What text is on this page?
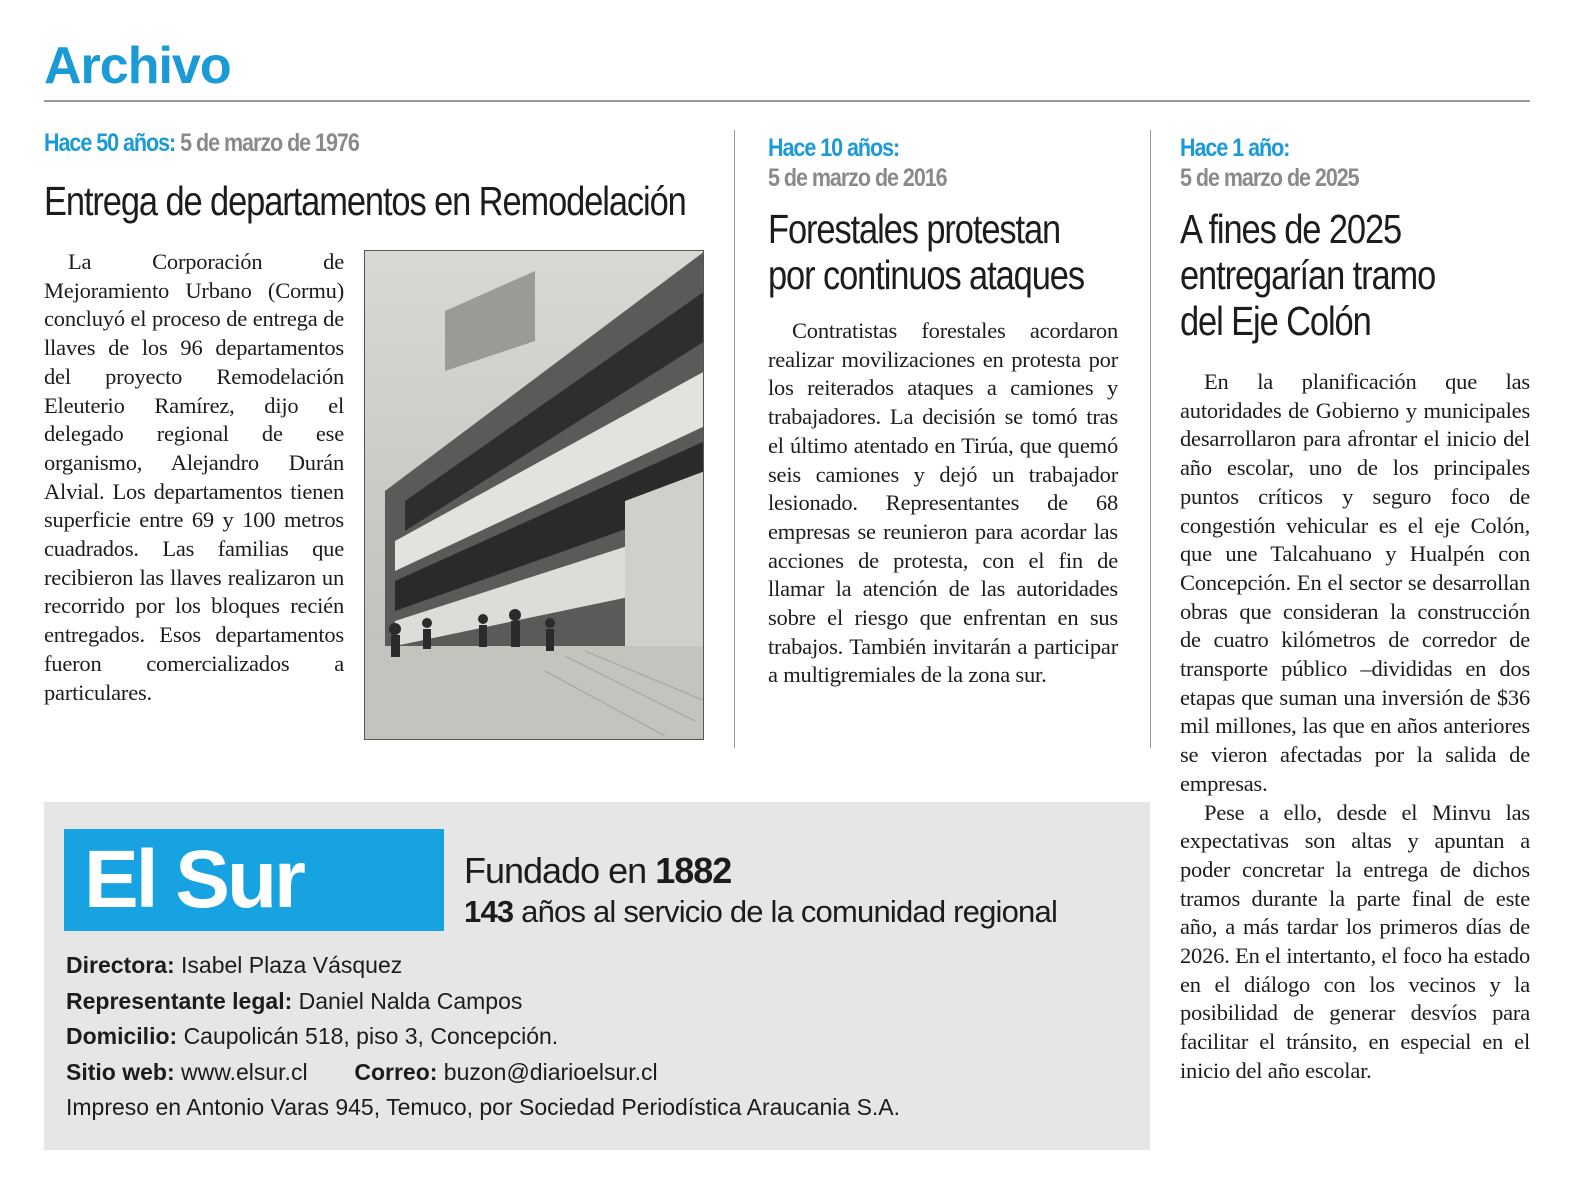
Archivo
Hace 50 años: 5 de marzo de 1976
Entrega de departamentos en Remodelación
La Corporación de Mejoramiento Urbano (Cormu) concluyó el proceso de entrega de llaves de los 96 departamentos del proyecto Remodelación Eleuterio Ramírez, dijo el delegado regional de ese organismo, Alejandro Durán Alvial. Los departamentos tienen superficie entre 69 y 100 metros cuadrados. Las familias que recibieron las llaves realizaron un recorrido por los bloques recién entregados. Esos departamentos fueron comercializados a particulares.
Hace 10 años:
5 de marzo de 2016
Forestales protestan
por continuos ataques
Contratistas forestales acordaron realizar movilizaciones en protesta por los reiterados ataques a camiones y trabajadores. La decisión se tomó tras el último atentado en Tirúa, que quemó seis camiones y dejó un trabajador lesionado. Representantes de 68 empresas se reunieron para acordar las acciones de protesta, con el fin de llamar la atención de las autoridades sobre el riesgo que enfrentan en sus trabajos. También invitarán a participar a multigremiales de la zona sur.
Hace 1 año:
5 de marzo de 2025
A fines de 2025
entregarían tramo
del Eje Colón

En la planificación que las autoridades de Gobierno y municipales desarrollaron para afrontar el inicio del año escolar, uno de los principales puntos críticos y seguro foco de congestión vehicular es el eje Colón, que une Talcahuano y Hualpén con Concepción. En el sector se desarrollan obras que consideran la construcción de cuatro kilómetros de corredor de transporte público –divididas en dos etapas que suman una inversión de $36 mil millones, las que en años anteriores se vieron afectadas por la salida de empresas.

Pese a ello, desde el Minvu las expectativas son altas y apuntan a poder concretar la entrega de dichos tramos durante la parte final de este año, a más tardar los primeros días de 2026. En el intertanto, el foco ha estado en el diálogo con los vecinos y la posibilidad de generar desvíos para facilitar el tránsito, en especial en el inicio del año escolar.

El Sur	Fundado en 1882
143 años al servicio de la comunidad regional
Directora: Isabel Plaza Vásquez
Representante legal: Daniel Nalda Campos
Domicilio: Caupolicán 518, piso 3, Concepción.
Sitio web: www.elsur.cl Correo: buzon@diarioelsur.cl
Impreso en Antonio Varas 945, Temuco, por Sociedad Periodística Araucania S.A.
